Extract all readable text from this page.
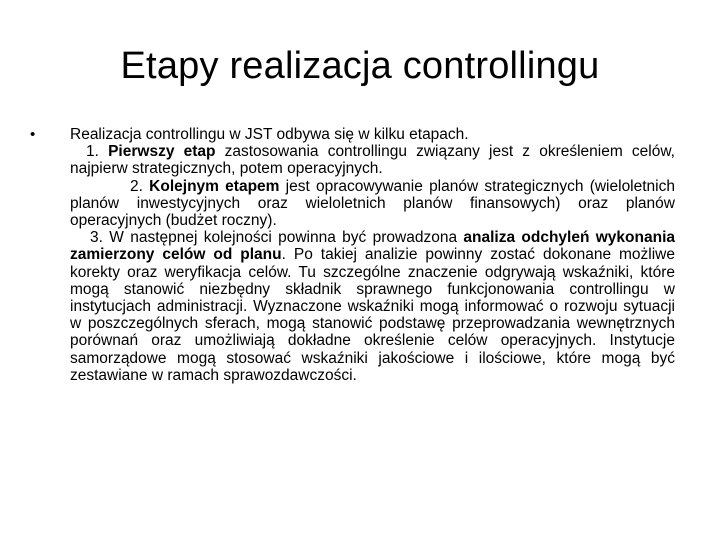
Etapy realizacja controllingu
•	Realizacja controllingu w JST odbywa się w kilku etapach.
1. Pierwszy etap zastosowania controllingu związany jest z określeniem celów, najpierw strategicznych, potem operacyjnych.
2. Kolejnym etapem jest opracowywanie planów strategicznych (wieloletnich planów inwestycyjnych oraz wieloletnich planów finansowych) oraz planów operacyjnych (budżet roczny).
3. W następnej kolejności powinna być prowadzona analiza odchyleń wykonania zamierzony celów od planu. Po takiej analizie powinny zostać dokonane możliwe korekty oraz weryfikacja celów. Tu szczególne znaczenie odgrywają wskaźniki, które mogą stanowić niezbędny składnik sprawnego funkcjonowania controllingu w instytucjach administracji. Wyznaczone wskaźniki mogą informować o rozwoju sytuacji w poszczególnych sferach, mogą stanowić podstawę przeprowadzania wewnętrznych porównań oraz umożliwiają dokładne określenie celów operacyjnych. Instytucje samorządowe mogą stosować wskaźniki jakościowe i ilościowe, które mogą być zestawiane w ramach sprawozdawczości.
